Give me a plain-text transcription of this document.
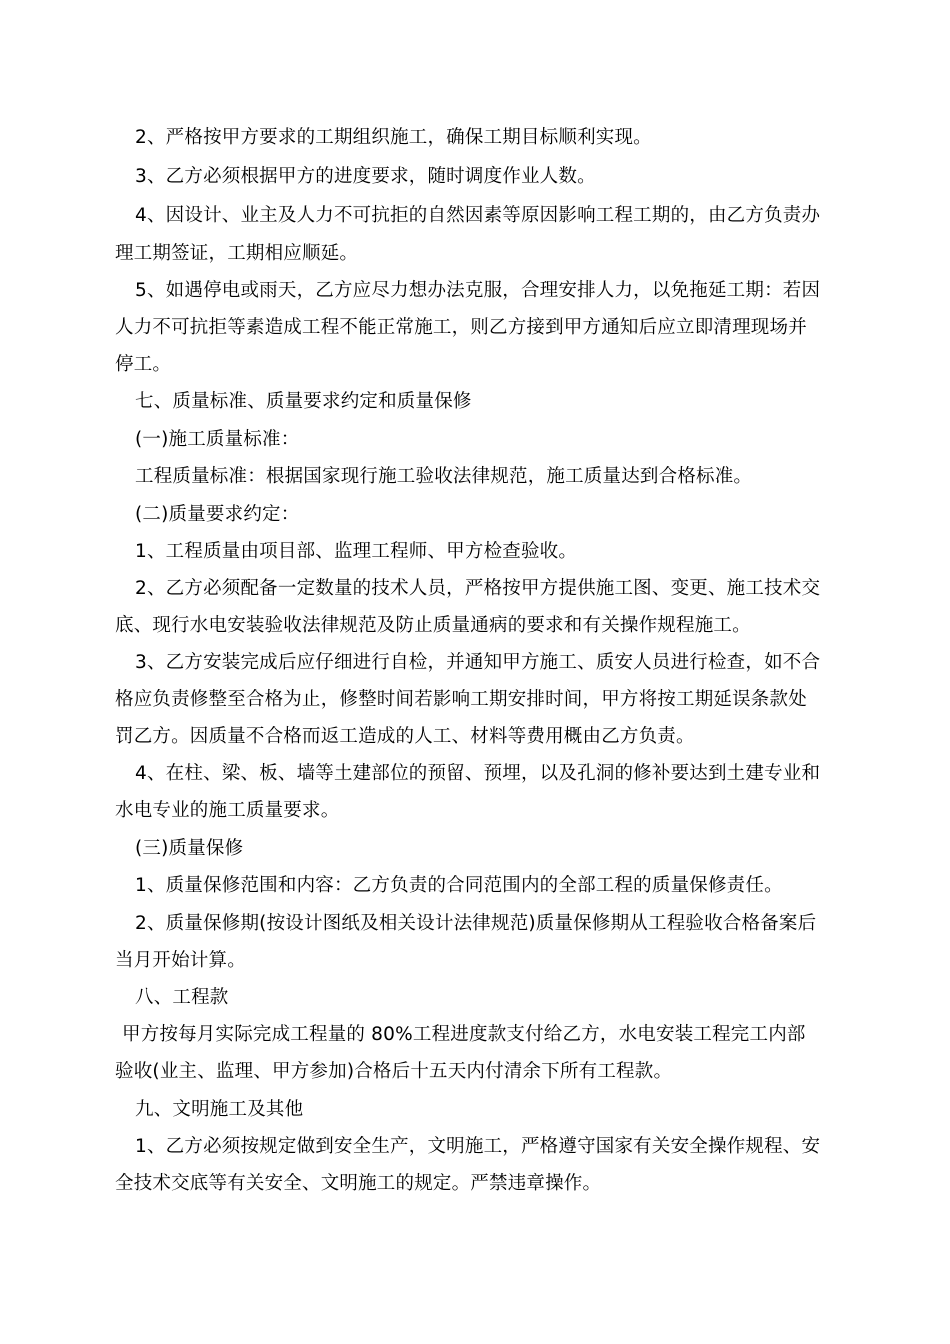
2、严格按甲方要求的工期组织施工，确保工期目标顺利实现。
3、乙方必须根据甲方的进度要求，随时调度作业人数。
4、因设计、业主及人力不可抗拒的自然因素等原因影响工程工期的，由乙方负责办
理工期签证，工期相应顺延。
5、如遇停电或雨天，乙方应尽力想办法克服，合理安排人力，以免拖延工期：若因
人力不可抗拒等素造成工程不能正常施工，则乙方接到甲方通知后应立即清理现场并
停工。
七、质量标准、质量要求约定和质量保修
(一)施工质量标准：
工程质量标准：根据国家现行施工验收法律规范，施工质量达到合格标准。
(二)质量要求约定：
1、工程质量由项目部、监理工程师、甲方检查验收。
2、乙方必须配备一定数量的技术人员，严格按甲方提供施工图、变更、施工技术交
底、现行水电安装验收法律规范及防止质量通病的要求和有关操作规程施工。
3、乙方安装完成后应仔细进行自检，并通知甲方施工、质安人员进行检查，如不合
格应负责修整至合格为止，修整时间若影响工期安排时间，甲方将按工期延误条款处
罚乙方。因质量不合格而返工造成的人工、材料等费用概由乙方负责。
4、在柱、梁、板、墙等土建部位的预留、预埋，以及孔洞的修补要达到土建专业和
水电专业的施工质量要求。
(三)质量保修
1、质量保修范围和内容：乙方负责的合同范围内的全部工程的质量保修责任。
2、质量保修期(按设计图纸及相关设计法律规范)质量保修期从工程验收合格备案后
当月开始计算。
八、工程款
甲方按每月实际完成工程量的 80%工程进度款支付给乙方，水电安装工程完工内部
验收(业主、监理、甲方参加)合格后十五天内付清余下所有工程款。
九、文明施工及其他
1、乙方必须按规定做到安全生产，文明施工，严格遵守国家有关安全操作规程、安
全技术交底等有关安全、文明施工的规定。严禁违章操作。
